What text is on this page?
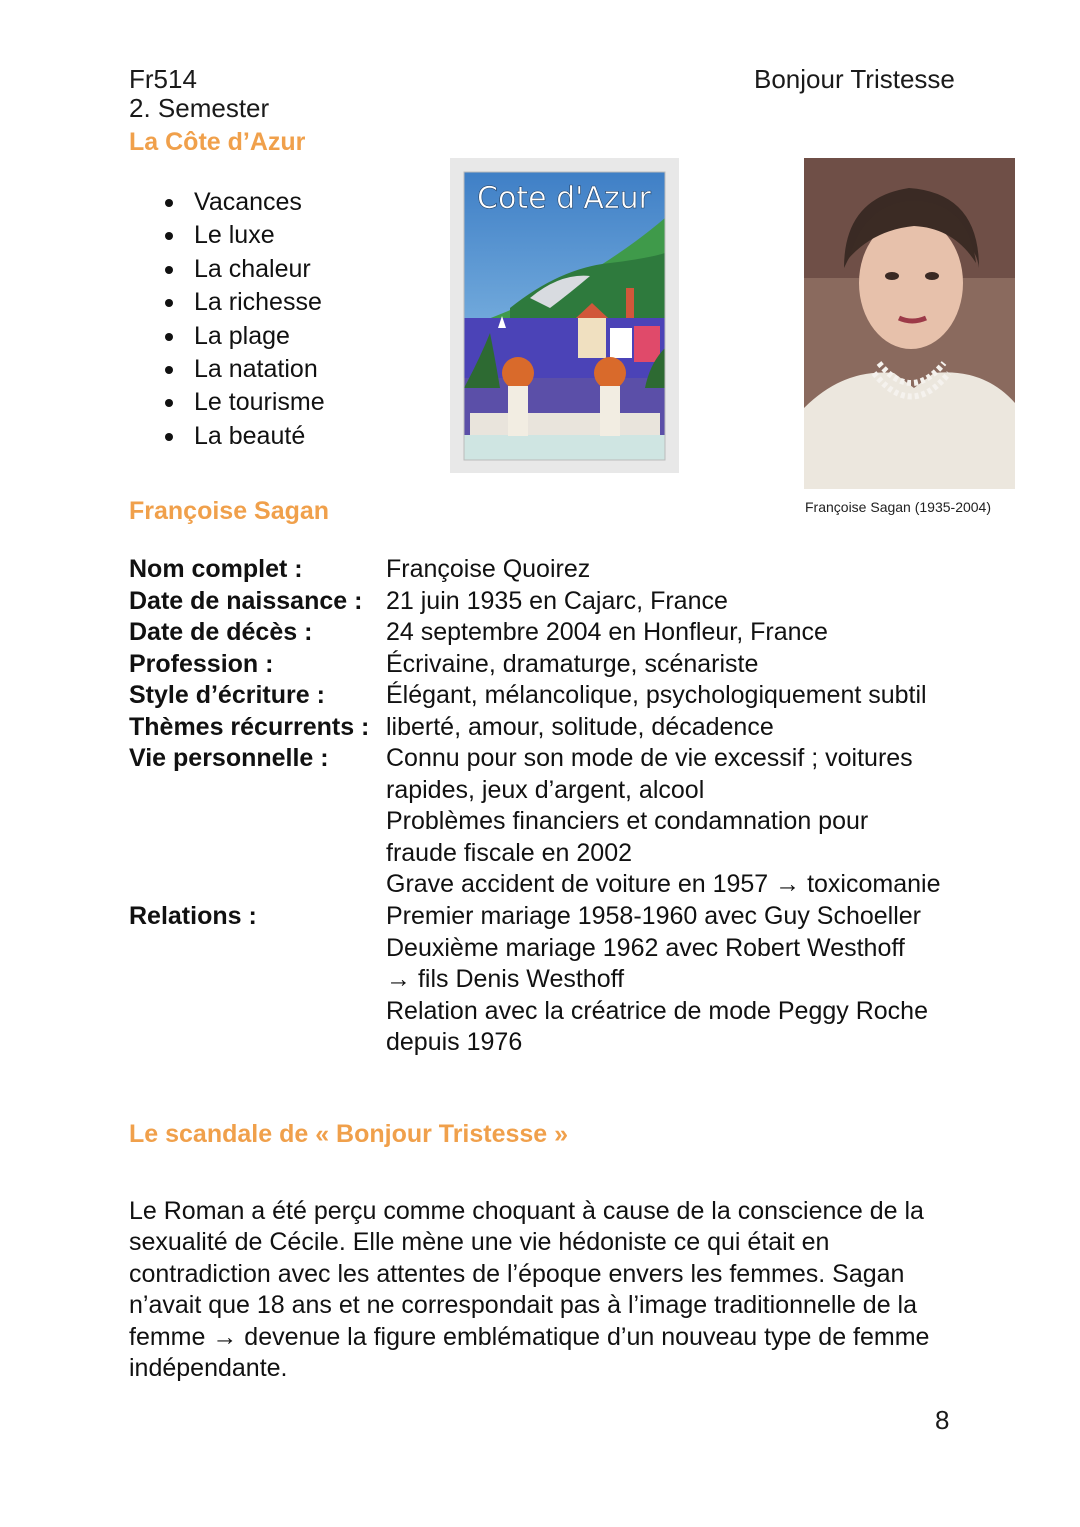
Fr514
2. Semester
Bonjour Tristesse
La Côte d’Azur
Vacances
Le luxe
La chaleur
La richesse
La plage
La natation
Le tourisme
La beauté
Cote d'Azur
Françoise Sagan (1935-2004)
Françoise Sagan
Nom complet :	Françoise Quoirez
Date de naissance : 21 juin 1935 en Cajarc, France
Date de décès :	24 septembre 2004 en Honfleur, France
Profession :	Écrivaine, dramaturge, scénariste
Style d’écriture : Élégant, mélancolique, psychologiquement subtil
Thèmes récurrents : liberté, amour, solitude, décadence
Vie personnelle : Connu pour son mode de vie excessif ; voitures
rapides, jeux d’argent, alcool
Problèmes financiers et condamnation pour
fraude fiscale en 2002
Grave accident de voiture en 1957 → toxicomanie
Relations :	Premier mariage 1958-1960 avec Guy Schoeller
Deuxième mariage 1962 avec Robert Westhoff
→ fils Denis Westhoff
Relation avec la créatrice de mode Peggy Roche
depuis 1976
Le scandale de « Bonjour Tristesse »
Le Roman a été perçu comme choquant à cause de la conscience de la
sexualité de Cécile. Elle mène une vie hédoniste ce qui était en
contradiction avec les attentes de l’époque envers les femmes. Sagan
n’avait que 18 ans et ne correspondait pas à l’image traditionnelle de la
femme → devenue la figure emblématique d’un nouveau type de femme
indépendante.
8
